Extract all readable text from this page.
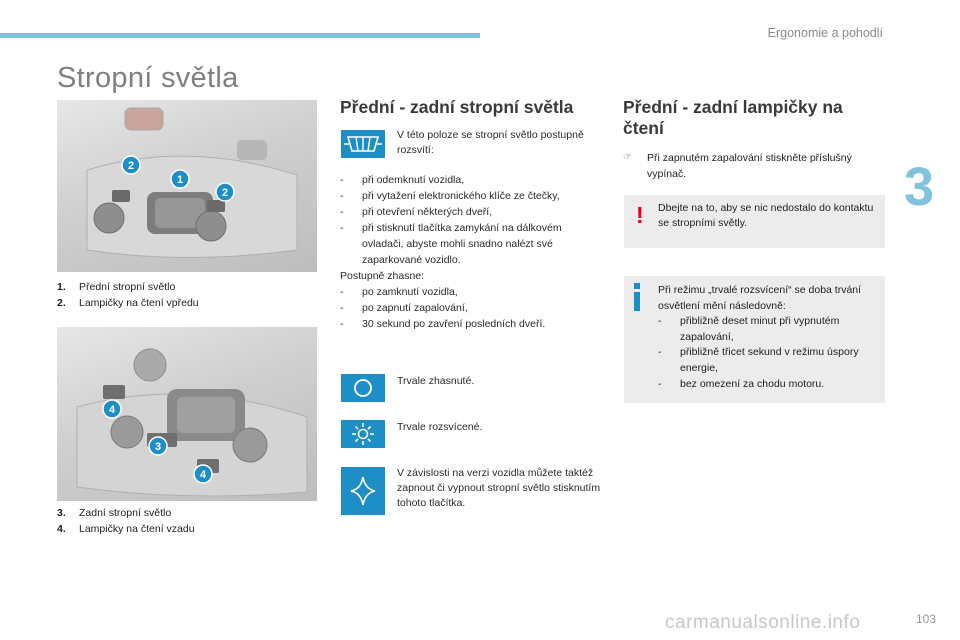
Ergonomie a pohodlí
3
103
carmanualsonline.info
Stropní světla
2
1
2
1. Přední stropní světlo
2. Lampičky na čtení vpředu
4
3
4
3. Zadní stropní světlo
4. Lampičky na čtení vzadu
Přední - zadní stropní světla
V této poloze se stropní světlo postupně rozsvítí:
-	při odemknutí vozidla,
-	při vytažení elektronického klíče ze čtečky,
-	při otevření některých dveří,
-	při stisknutí tlačítka zamykání na dálkovém ovladači, abyste mohli snadno nalézt své zaparkované vozidlo.
Postupně zhasne:
-	po zamknutí vozidla,
-	po zapnutí zapalování,
-	30 sekund po zavření posledních dveří.
Trvale zhasnuté.
Trvale rozsvícené.
V závislosti na verzi vozidla můžete taktéž zapnout či vypnout stropní světlo stisknutím tohoto tlačítka.
Přední - zadní lampičky na čtení
☞	Při zapnutém zapalování stiskněte příslušný vypínač.
! Dbejte na to, aby se nic nedostalo do kontaktu se stropními světly.
Při režimu „trvalé rozsvícení“ se doba trvání osvětlení mění následovně:
-	přibližně deset minut při vypnutém zapalování,
-	přibližně třicet sekund v režimu úspory energie,
-	bez omezení za chodu motoru.
